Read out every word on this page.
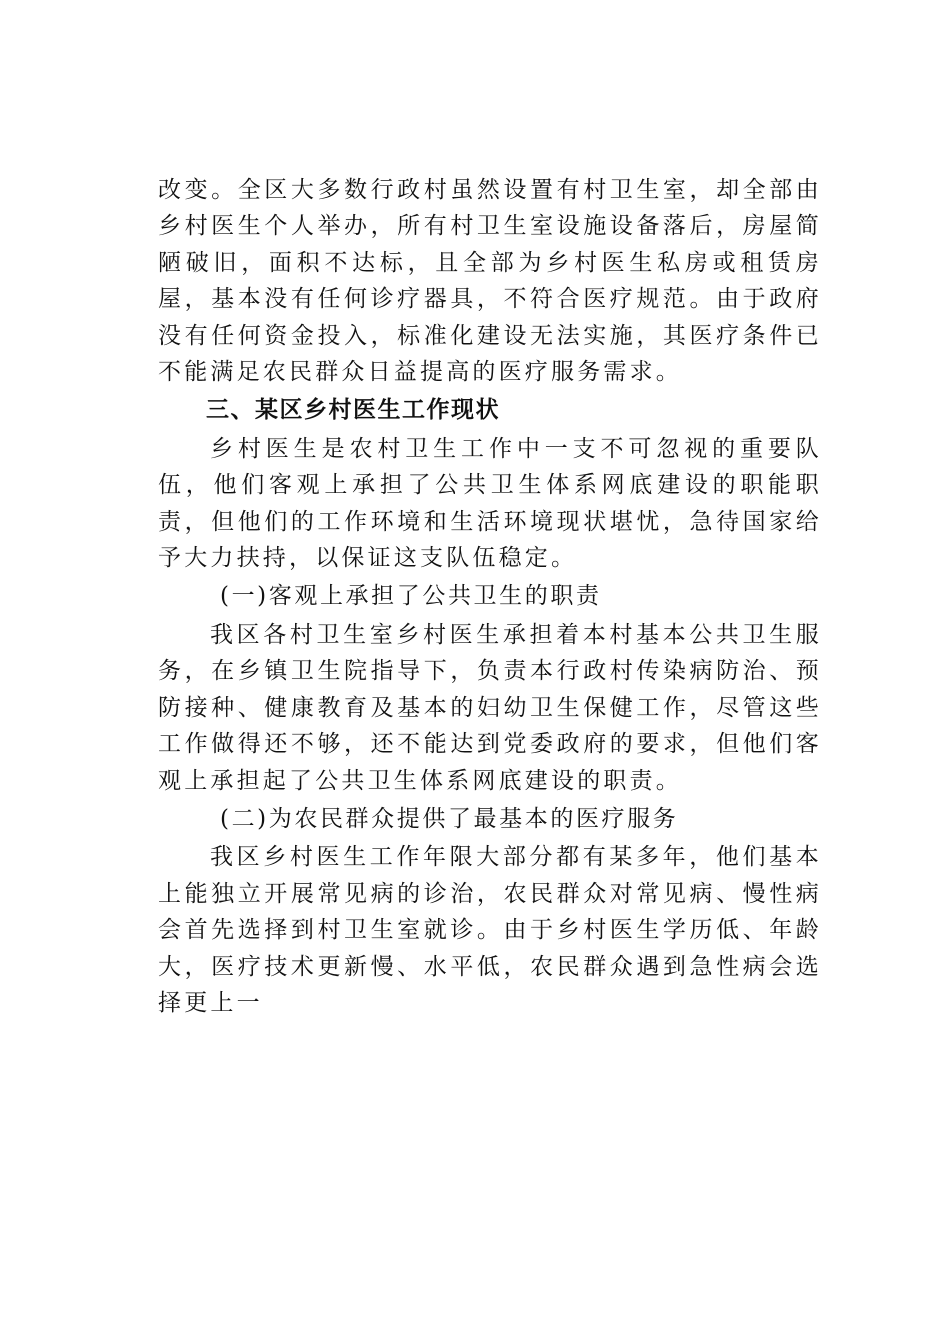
改变。全区大多数行政村虽然设置有村卫生室，却全部由乡村医生个人举办，所有村卫生室设施设备落后，房屋简陋破旧，面积不达标，且全部为乡村医生私房或租赁房屋，基本没有任何诊疗器具，不符合医疗规范。由于政府没有任何资金投入，标准化建设无法实施，其医疗条件已不能满足农民群众日益提高的医疗服务需求。

三、某区乡村医生工作现状

乡村医生是农村卫生工作中一支不可忽视的重要队伍，他们客观上承担了公共卫生体系网底建设的职能职责，但他们的工作环境和生活环境现状堪忧，急待国家给予大力扶持，以保证这支队伍稳定。

(一)客观上承担了公共卫生的职责

我区各村卫生室乡村医生承担着本村基本公共卫生服务，在乡镇卫生院指导下，负责本行政村传染病防治、预防接种、健康教育及基本的妇幼卫生保健工作，尽管这些工作做得还不够，还不能达到党委政府的要求，但他们客观上承担起了公共卫生体系网底建设的职责。

(二)为农民群众提供了最基本的医疗服务

我区乡村医生工作年限大部分都有某多年，他们基本上能独立开展常见病的诊治，农民群众对常见病、慢性病会首先选择到村卫生室就诊。由于乡村医生学历低、年龄大，医疗技术更新慢、水平低，农民群众遇到急性病会选择更上一
